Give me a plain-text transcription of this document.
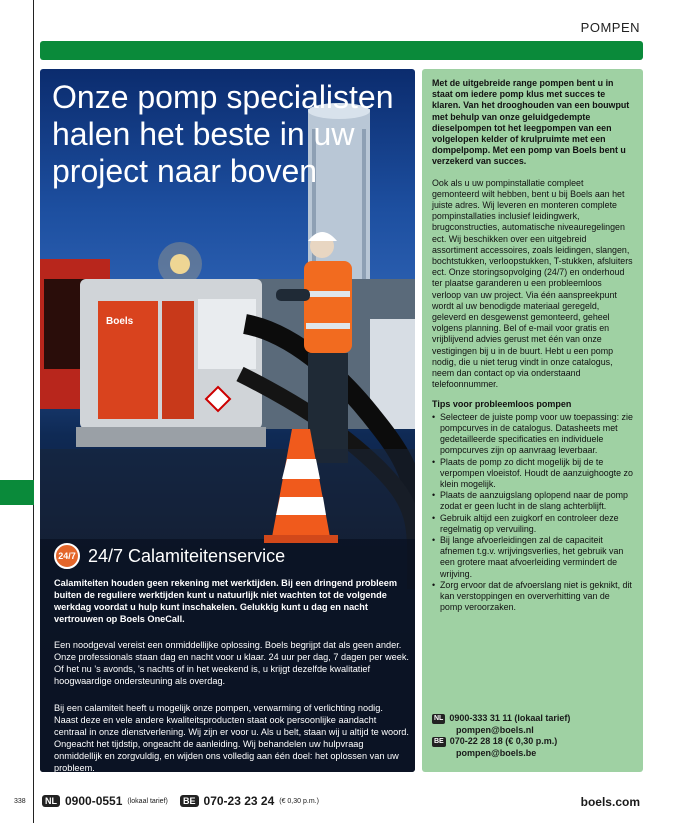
POMPEN
Boels
Onze pomp specialisten halen het beste in uw project naar boven
24/7 24/7 Calamiteitenservice
Calamiteiten houden geen rekening met werktijden. Bij een dringend probleem buiten de reguliere werktijden kunt u natuurlijk niet wachten tot de volgende werkdag voordat u hulp kunt inschakelen. Gelukkig kunt u dag en nacht vertrouwen op Boels OneCall.
Een noodgeval vereist een onmiddellijke oplossing. Boels begrijpt dat als geen ander. Onze professionals staan dag en nacht voor u klaar. 24 uur per dag, 7 dagen per week. Of het nu 's avonds, 's nachts of in het weekend is, u krijgt dezelfde kwalitatief hoogwaardige ondersteuning als overdag.
Bij een calamiteit heeft u mogelijk onze pompen, verwarming of verlichting nodig. Naast deze en vele andere kwaliteitsproducten staat ook persoonlijke aandacht centraal in onze dienstverlening. Wij zijn er voor u. Als u belt, staan wij u altijd te woord. Ongeacht het tijdstip, ongeacht de aanleiding. Wij behandelen uw hulpvraag onmiddellijk en zorgvuldig, en wijden ons volledig aan één doel: het oplossen van uw probleem.

Met de uitgebreide range pompen bent u in staat om iedere pomp klus met succes te klaren. Van het drooghouden van een bouwput met behulp van onze geluidgedempte dieselpompen tot het leegpompen van een volgelopen kelder of krulpruimte met een dompelpomp. Met een pomp van Boels bent u verzekerd van succes.

Ook als u uw pompinstallatie compleet gemonteerd wilt hebben, bent u bij Boels aan het juiste adres. Wij leveren en monteren complete pompinstallaties inclusief leidingwerk, brugconstructies, automatische niveauregelingen ect. Wij beschikken over een uitgebreid assortiment accessoires, zoals leidingen, slangen, bochtstukken, verloopstukken, T-stukken, afsluiters ect. Onze storingsopvolging (24/7) en onderhoud ter plaatse garanderen u een probleemloos verloop van uw project. Via één aanspreekpunt wordt al uw benodigde materiaal geregeld, geleverd en desgewenst gemonteerd, geheel volgens planning. Bel of e-mail voor gratis en vrijblijvend advies gerust met één van onze vestigingen bij u in de buurt. Hebt u een pomp nodig, die u niet terug vindt in onze catalogus, neem dan contact op via onderstaand telefoonnummer.

Tips voor probleemloos pompen

• Selecteer de juiste pomp voor uw toepassing: zie pompcurves in de catalogus. Datasheets met gedetailleerde specificaties en individuele pompcurves zijn op aanvraag leverbaar.
• Plaats de pomp zo dicht mogelijk bij de te verpompen vloeistof. Houdt de aanzuighoogte zo klein mogelijk.
• Plaats de aanzuigslang oplopend naar de pomp zodat er geen lucht in de slang achterblijft.
• Gebruik altijd een zuigkorf en controleer deze regelmatig op vervuiling.
• Bij lange afvoerleidingen zal de capaciteit afnemen t.g.v. wrijvingsverlies, het gebruik van een grotere maat afvoerleiding vermindert de wrijving.
• Zorg ervoor dat de afvoerslang niet is geknikt, dit kan verstoppingen en oververhitting van de pomp veroorzaken.
NL 0900-333 31 11 (lokaal tarief)
pompen@boels.nl
BE 070-22 28 18 (€ 0,30 p.m.)
pompen@boels.be
338	NL 0900-0551 (lokaal tarief)	BE 070-23 23 24 (€ 0,30 p.m.)	boels.com
